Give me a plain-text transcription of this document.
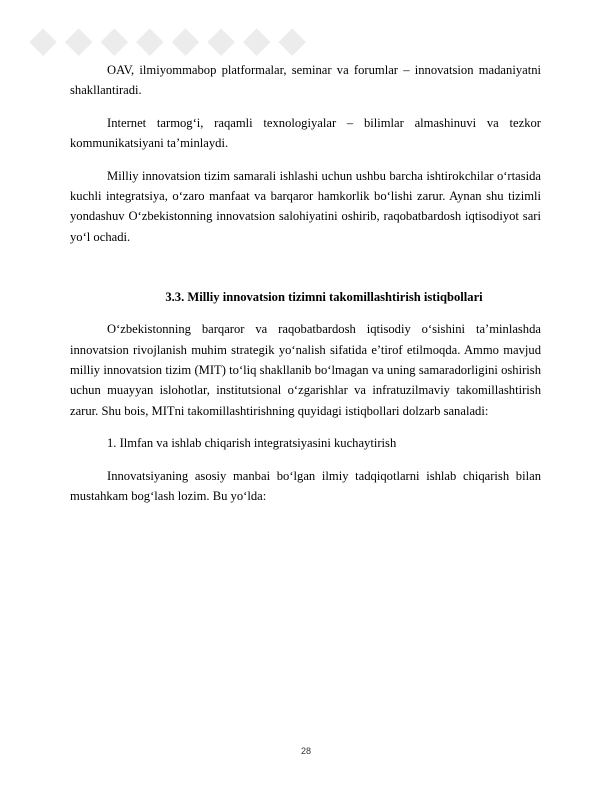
◆ ◆ ◆ ◆ ◆ ◆ ◆ ◆

OAV, ilmiyommabop platformalar, seminar va forumlar – innovatsion madaniyatni shakllantiradi.

Internet tarmog‘i, raqamli texnologiyalar – bilimlar almashinuvi va tezkor kommunikatsiyani ta’minlaydi.

Milliy innovatsion tizim samarali ishlashi uchun ushbu barcha ishtirokchilar o‘rtasida kuchli integratsiya, o‘zaro manfaat va barqaror hamkorlik bo‘lishi zarur. Aynan shu tizimli yondashuv O‘zbekistonning innovatsion salohiyatini oshirib, raqobatbardosh iqtisodiyot sari yo‘l ochadi.

3.3. Milliy innovatsion tizimni takomillashtirish istiqbollari

O‘zbekistonning barqaror va raqobatbardosh iqtisodiy o‘sishini ta’minlashda innovatsion rivojlanish muhim strategik yo‘nalish sifatida e’tirof etilmoqda. Ammo mavjud milliy innovatsion tizim (MIT) to‘liq shakllanib bo‘lmagan va uning samaradorligini oshirish uchun muayyan islohotlar, institutsional o‘zgarishlar va infratuzilmaviy takomillashtirish zarur. Shu bois, MITni takomillashtirishning quyidagi istiqbollari dolzarb sanaladi:

1. Ilmfan va ishlab chiqarish integratsiyasini kuchaytirish

Innovatsiyaning asosiy manbai bo‘lgan ilmiy tadqiqotlarni ishlab chiqarish bilan mustahkam bog‘lash lozim. Bu yo‘lda:

28
